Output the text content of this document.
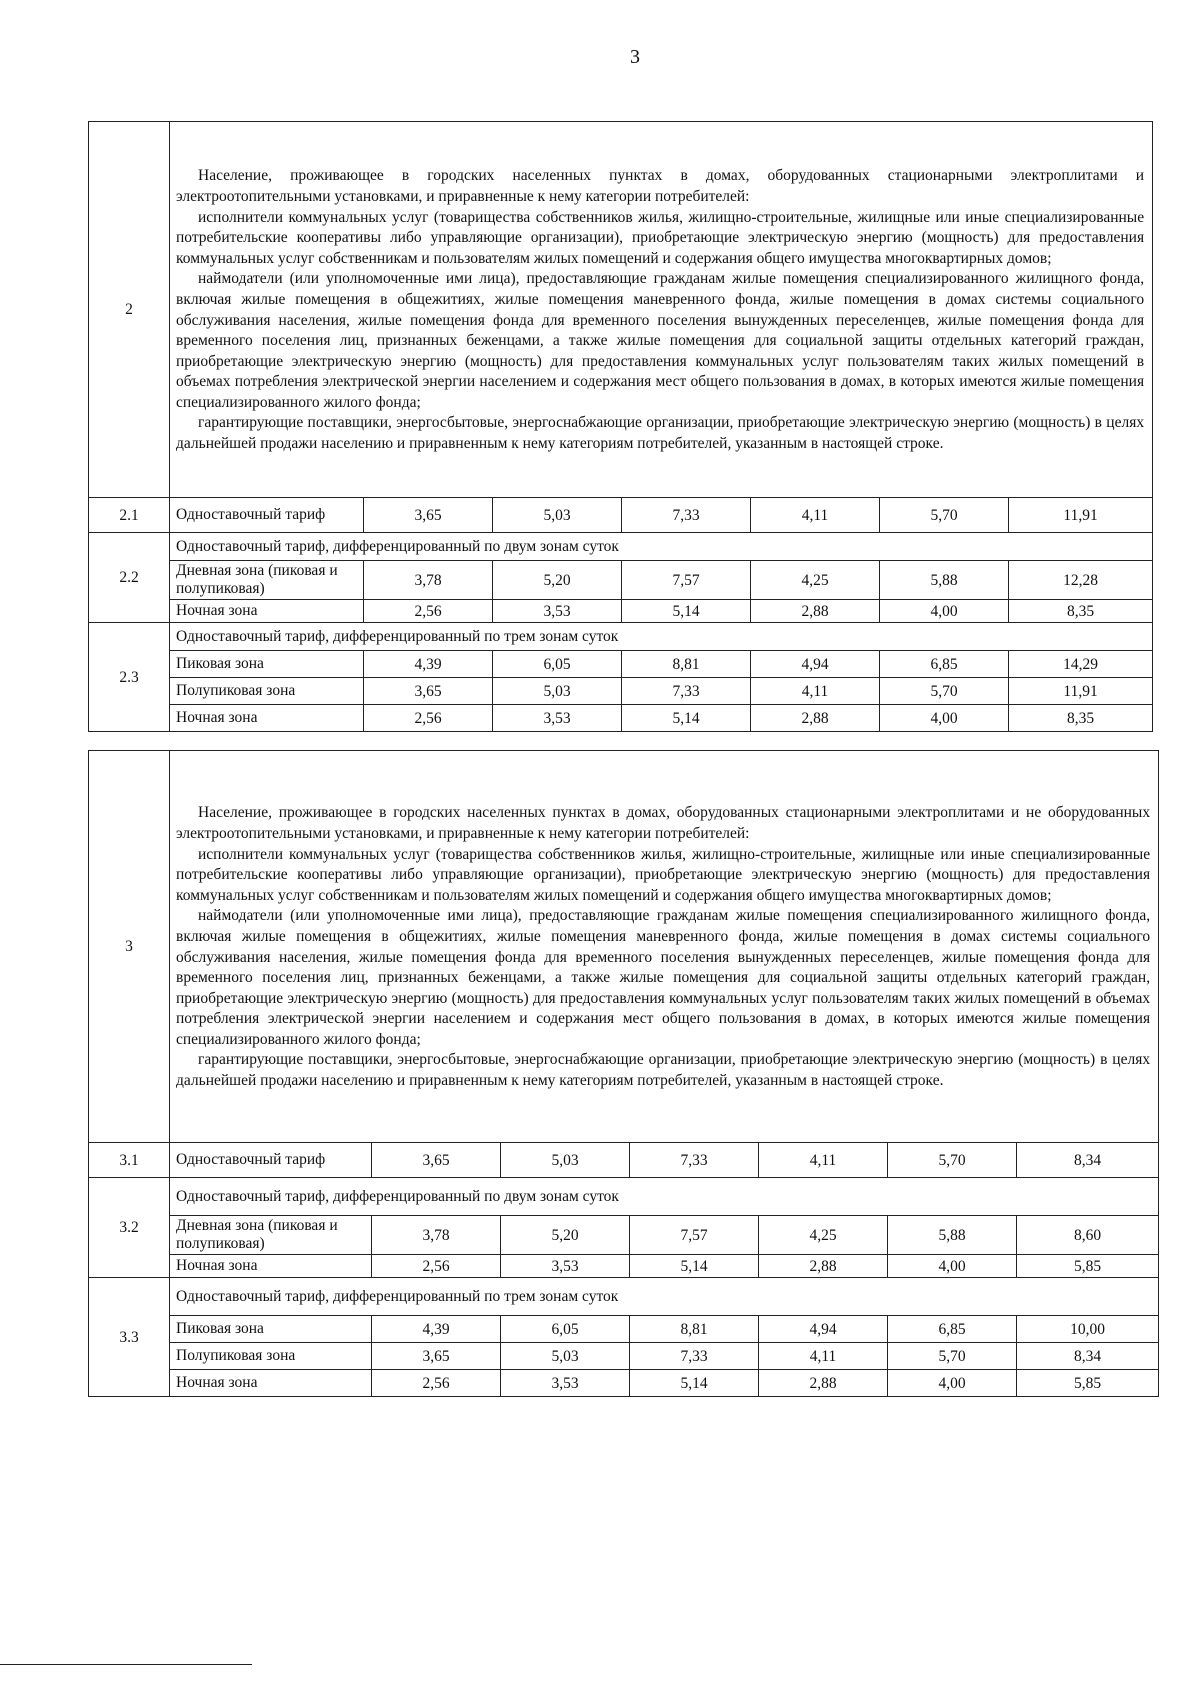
3
2	Население, проживающее в городских населенных пунктах в домах, оборудованных стационарными электроплитами и электроотопительными установками, и приравненные к нему категории потребителей:

исполнители коммунальных услуг (товарищества собственников жилья, жилищно-строительные, жилищные или иные специализированные потребительские кооперативы либо управляющие организации), приобретающие электрическую энергию (мощность) для предоставления коммунальных услуг собственникам и пользователям жилых помещений и содержания общего имущества многоквартирных домов;

наймодатели (или уполномоченные ими лица), предоставляющие гражданам жилые помещения специализированного жилищного фонда, включая жилые помещения в общежитиях, жилые помещения маневренного фонда, жилые помещения в домах системы социального обслуживания населения, жилые помещения фонда для временного поселения вынужденных переселенцев, жилые помещения фонда для временного поселения лиц, признанных беженцами, а также жилые помещения для социальной защиты отдельных категорий граждан, приобретающие электрическую энергию (мощность) для предоставления коммунальных услуг пользователям таких жилых помещений в объемах потребления электрической энергии населением и содержания мест общего пользования в домах, в которых имеются жилые помещения специализированного жилого фонда;

гарантирующие поставщики, энергосбытовые, энергоснабжающие организации, приобретающие электрическую энергию (мощность) в целях дальнейшей продажи населению и приравненным к нему категориям потребителей, указанным в настоящей строке.						

2.1	Одноставочный тариф	3,65	5,03	7,33	4,11	5,70	11,91
2.2	Одноставочный тариф, дифференцированный по двум зонам суток						
	Дневная зона (пиковая и полупиковая)	3,78	5,20	7,57	4,25	5,88	12,28
	Ночная зона	2,56	3,53	5,14	2,88	4,00	8,35
2.3	Одноставочный тариф, дифференцированный по трем зонам суток						
	Пиковая зона	4,39	6,05	8,81	4,94	6,85	14,29
	Полупиковая зона	3,65	5,03	7,33	4,11	5,70	11,91
	Ночная зона	2,56	3,53	5,14	2,88	4,00	8,35
3	Население, проживающее в городских населенных пунктах в домах, оборудованных стационарными электроплитами и не оборудованных электроотопительными установками, и приравненные к нему категории потребителей:

исполнители коммунальных услуг (товарищества собственников жилья, жилищно-строительные, жилищные или иные специализированные потребительские кооперативы либо управляющие организации), приобретающие электрическую энергию (мощность) для предоставления коммунальных услуг собственникам и пользователям жилых помещений и содержания общего имущества многоквартирных домов;

наймодатели (или уполномоченные ими лица), предоставляющие гражданам жилые помещения специализированного жилищного фонда, включая жилые помещения в общежитиях, жилые помещения маневренного фонда, жилые помещения в домах системы социального обслуживания населения, жилые помещения фонда для временного поселения вынужденных переселенцев, жилые помещения фонда для временного поселения лиц, признанных беженцами, а также жилые помещения для социальной защиты отдельных категорий граждан, приобретающие электрическую энергию (мощность) для предоставления коммунальных услуг пользователям таких жилых помещений в объемах потребления электрической энергии населением и содержания мест общего пользования в домах, в которых имеются жилые помещения специализированного жилого фонда;

гарантирующие поставщики, энергосбытовые, энергоснабжающие организации, приобретающие электрическую энергию (мощность) в целях дальнейшей продажи населению и приравненным к нему категориям потребителей, указанным в настоящей строке.						

3.1	Одноставочный тариф	3,65	5,03	7,33	4,11	5,70	8,34
3.2	Одноставочный тариф, дифференцированный по двум зонам суток						
	Дневная зона (пиковая и полупиковая)	3,78	5,20	7,57	4,25	5,88	8,60
	Ночная зона	2,56	3,53	5,14	2,88	4,00	5,85
3.3	Одноставочный тариф, дифференцированный по трем зонам суток						
	Пиковая зона	4,39	6,05	8,81	4,94	6,85	10,00
	Полупиковая зона	3,65	5,03	7,33	4,11	5,70	8,34
	Ночная зона	2,56	3,53	5,14	2,88	4,00	5,85
